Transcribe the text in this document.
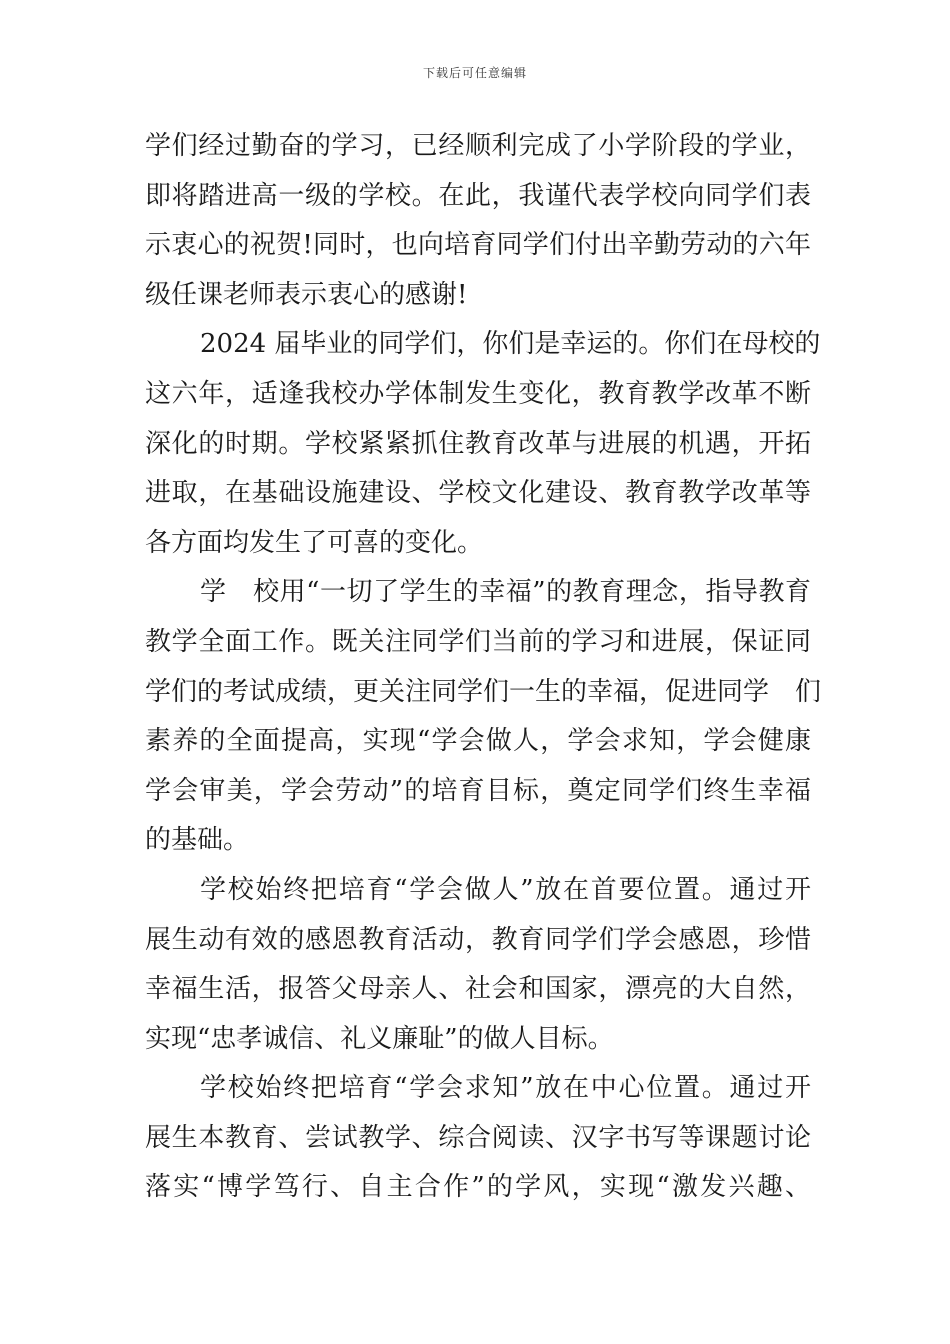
下载后可任意编辑
学们经过勤奋的学习，已经顺利完成了小学阶段的学业，
即将踏进高一级的学校。在此，我谨代表学校向同学们表
示衷心的祝贺!同时，也向培育同学们付出辛勤劳动的六年
级任课老师表示衷心的感谢!
2024 届毕业的同学们，你们是幸运的。你们在母校的
这六年，适逢我校办学体制发生变化，教育教学改革不断
深化的时期。学校紧紧抓住教育改革与进展的机遇，开拓
进取，在基础设施建设、学校文化建设、教育教学改革等
各方面均发生了可喜的变化。
学　校用“一切了学生的幸福”的教育理念，指导教育
教学全面工作。既关注同学们当前的学习和进展，保证同
学们的考试成绩，更关注同学们一生的幸福，促进同学　们
素养的全面提高，实现“学会做人，学会求知，学会健康
学会审美，学会劳动”的培育目标，奠定同学们终生幸福
的基础。
学校始终把培育“学会做人”放在首要位置。通过开
展生动有效的感恩教育活动，教育同学们学会感恩，珍惜
幸福生活，报答父母亲人、社会和国家，漂亮的大自然，
实现“忠孝诚信、礼义廉耻”的做人目标。
学校始终把培育“学会求知”放在中心位置。通过开
展生本教育、尝试教学、综合阅读、汉字书写等课题讨论
落实“博学笃行、自主合作”的学风，实现“激发兴趣、
